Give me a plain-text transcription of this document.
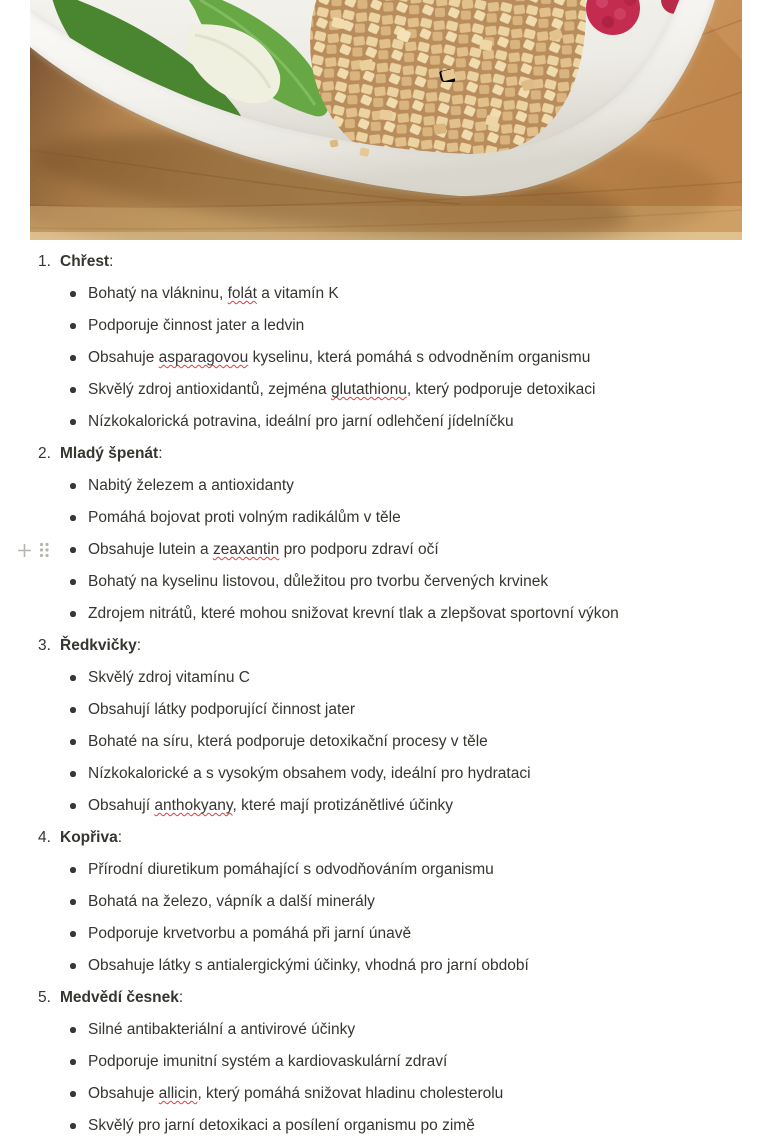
1. Chřest:
Bohatý na vlákninu, folát a vitamín K
Podporuje činnost jater a ledvin
Obsahuje asparagovou kyselinu, která pomáhá s odvodněním organismu
Skvělý zdroj antioxidantů, zejména glutathionu, který podporuje detoxikaci
Nízkokalorická potravina, ideální pro jarní odlehčení jídelníčku
2. Mladý špenát:
Nabitý železem a antioxidanty
Pomáhá bojovat proti volným radikálům v těle
Obsahuje lutein a zeaxantin pro podporu zdraví očí
Bohatý na kyselinu listovou, důležitou pro tvorbu červených krvinek
Zdrojem nitrátů, které mohou snižovat krevní tlak a zlepšovat sportovní výkon
3. Ředkvičky:
Skvělý zdroj vitamínu C
Obsahují látky podporující činnost jater
Bohaté na síru, která podporuje detoxikační procesy v těle
Nízkokalorické a s vysokým obsahem vody, ideální pro hydrataci
Obsahují anthokyany, které mají protizánětlivé účinky
4. Kopřiva:
Přírodní diuretikum pomáhající s odvodňováním organismu
Bohatá na železo, vápník a další minerály
Podporuje krvetvorbu a pomáhá při jarní únavě
Obsahuje látky s antialergickými účinky, vhodná pro jarní období
5. Medvědí česnek:
Silné antibakteriální a antivirové účinky
Podporuje imunitní systém a kardiovaskulární zdraví
Obsahuje allicin, který pomáhá snižovat hladinu cholesterolu
Skvělý pro jarní detoxikaci a posílení organismu po zimě
